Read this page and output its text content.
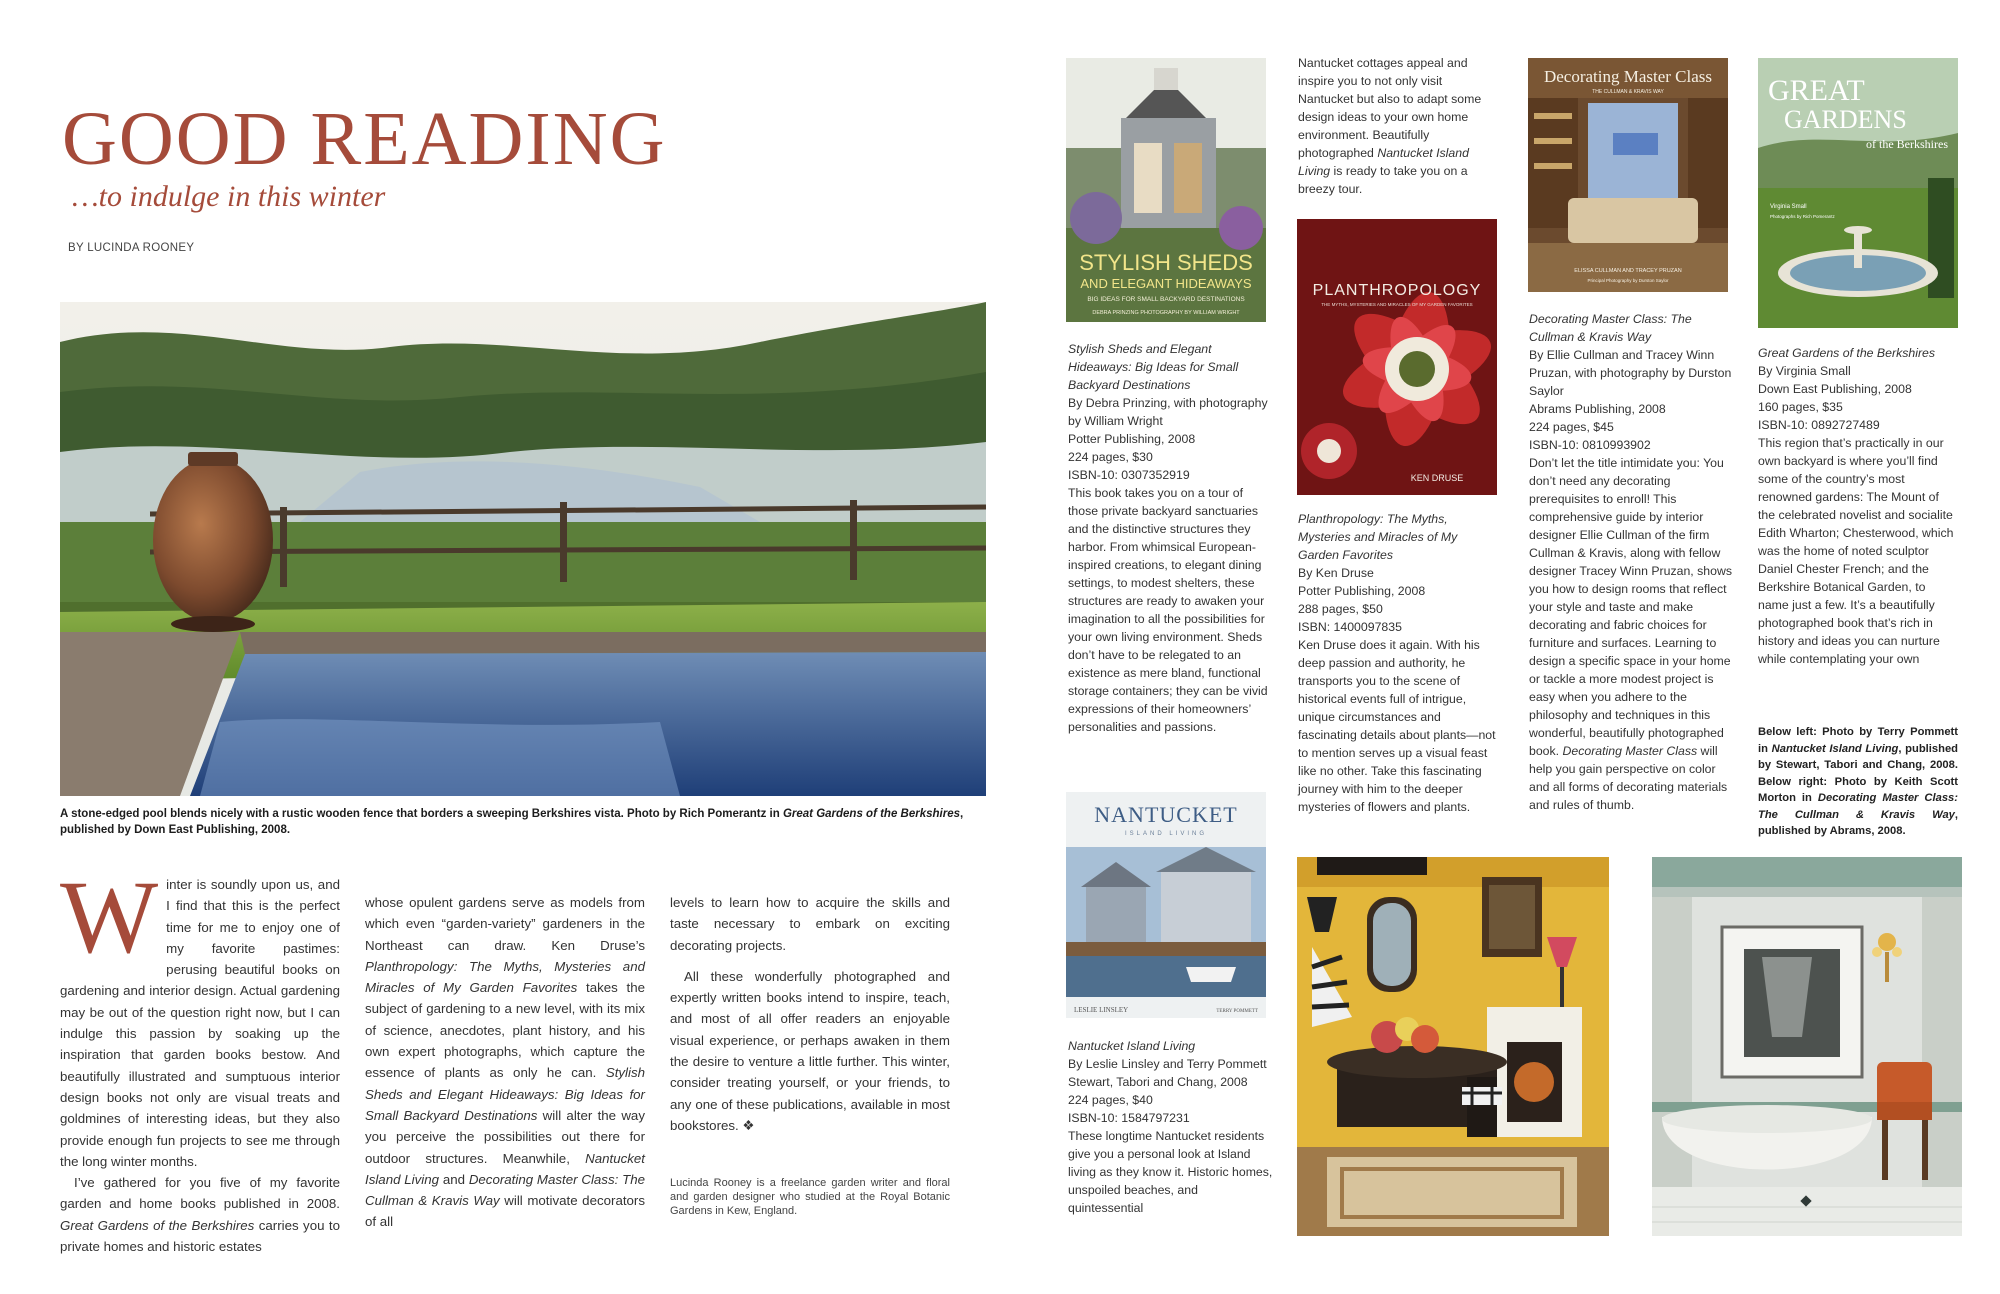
GOOD READING
…to indulge in this winter
BY LUCINDA ROONEY
A stone-edged pool blends nicely with a rustic wooden fence that borders a sweeping Berkshires vista. Photo by Rich Pomerantz in Great Gardens of the Berkshires, published by Down East Publishing, 2008.

Winter is soundly upon us, and I find that this is the perfect time for me to enjoy one of my favorite pastimes: perusing beautiful books on gardening and interior design. Actual gardening may be out of the question right now, but I can indulge this passion by soaking up the inspiration that garden books bestow. And beautifully illustrated and sumptuous interior design books not only are visual treats and goldmines of interesting ideas, but they also provide enough fun projects to see me through the long winter months.

I’ve gathered for you five of my favorite garden and home books published in 2008. Great Gardens of the Berkshires carries you to private homes and historic estates

whose opulent gardens serve as models from which even “garden-variety” gardeners in the Northeast can draw. Ken Druse’s Planthropology: The Myths, Mysteries and Miracles of My Garden Favorites takes the subject of gardening to a new level, with its mix of science, anecdotes, plant history, and his own expert photographs, which capture the essence of plants as only he can. Stylish Sheds and Elegant Hideaways: Big Ideas for Small Backyard Destinations will alter the way you perceive the possibilities out there for outdoor structures. Meanwhile, Nantucket Island Living and Decorating Master Class: The Cullman & Kravis Way will motivate decorators of all

levels to learn how to acquire the skills and taste necessary to embark on exciting decorating projects.

All these wonderfully photographed and expertly written books intend to inspire, teach, and most of all offer readers an enjoyable visual experience, or perhaps awaken in them the desire to venture a little further. This winter, consider treating yourself, or your friends, to any one of these publications, available in most bookstores. ❖

Lucinda Rooney is a freelance garden writer and floral and garden designer who studied at the Royal Botanic Gardens in Kew, England.
STYLISH SHEDS
AND ELEGANT HIDEAWAYS
BIG IDEAS FOR SMALL BACKYARD DESTINATIONS
DEBRA PRINZING PHOTOGRAPHY BY WILLIAM WRIGHT
Stylish Sheds and Elegant Hideaways: Big Ideas for Small Backyard Destinations
By Debra Prinzing, with photography by William Wright
Potter Publishing, 2008
224 pages, $30
ISBN-10: 0307352919
This book takes you on a tour of those private backyard sanctuaries and the distinctive structures they harbor. From whimsical European-inspired creations, to elegant dining settings, to modest shelters, these structures are ready to awaken your imagination to all the possibilities for your own living environment. Sheds don’t have to be relegated to an existence as mere bland, functional storage containers; they can be vivid expressions of their homeowners’ personalities and passions.
NANTUCKET
ISLAND LIVING
LESLIE LINSLEY	TERRY POMMETT
Nantucket Island Living
By Leslie Linsley and Terry Pommett
Stewart, Tabori and Chang, 2008
224 pages, $40
ISBN-10: 1584797231
These longtime Nantucket residents give you a personal look at Island living as they know it. Historic homes, unspoiled beaches, and quintessential
Nantucket cottages appeal and inspire you to not only visit Nantucket but also to adapt some design ideas to your own home environment. Beautifully photographed Nantucket Island Living is ready to take you on a breezy tour.
PLANTHROPOLOGY
THE MYTHS, MYSTERIES AND MIRACLES OF MY GARDEN FAVORITES
KEN DRUSE
Planthropology: The Myths, Mysteries and Miracles of My Garden Favorites
By Ken Druse
Potter Publishing, 2008
288 pages, $50
ISBN: 1400097835
Ken Druse does it again. With his deep passion and authority, he transports you to the scene of historical events full of intrigue, unique circumstances and fascinating details about plants—not to mention serves up a visual feast like no other. Take this fascinating journey with him to the deeper mysteries of flowers and plants.
Decorating Master Class
THE CULLMAN & KRAVIS WAY
ELISSA CULLMAN AND TRACEY PRUZAN
Principal Photography by Durston Saylor
Decorating Master Class: The Cullman & Kravis Way
By Ellie Cullman and Tracey Winn Pruzan, with photography by Durston Saylor
Abrams Publishing, 2008
224 pages, $45
ISBN-10: 0810993902
Don’t let the title intimidate you: You don’t need any decorating prerequisites to enroll! This comprehensive guide by interior designer Ellie Cullman of the firm Cullman & Kravis, along with fellow designer Tracey Winn Pruzan, shows you how to design rooms that reflect your style and taste and make decorating and fabric choices for furniture and surfaces. Learning to design a specific space in your home or tackle a more modest project is easy when you adhere to the philosophy and techniques in this wonderful, beautifully photographed book. Decorating Master Class will help you gain perspective on color and all forms of decorating materials and rules of thumb.
GREAT
GARDENS
of the Berkshires
Virginia Small
Photographs by Rich Pomerantz
Great Gardens of the Berkshires
By Virginia Small
Down East Publishing, 2008
160 pages, $35
ISBN-10: 0892727489
This region that’s practically in our own backyard is where you’ll find some of the country’s most renowned gardens: The Mount of the celebrated novelist and socialite Edith Wharton; Chesterwood, which was the home of noted sculptor Daniel Chester French; and the Berkshire Botanical Garden, to name just a few. It’s a beautifully photographed book that’s rich in history and ideas you can nurture while contemplating your own
Below left: Photo by Terry Pommett in Nantucket Island Living, published by Stewart, Tabori and Chang, 2008. Below right: Photo by Keith Scott Morton in Decorating Master Class: The Cullman & Kravis Way, published by Abrams, 2008.
